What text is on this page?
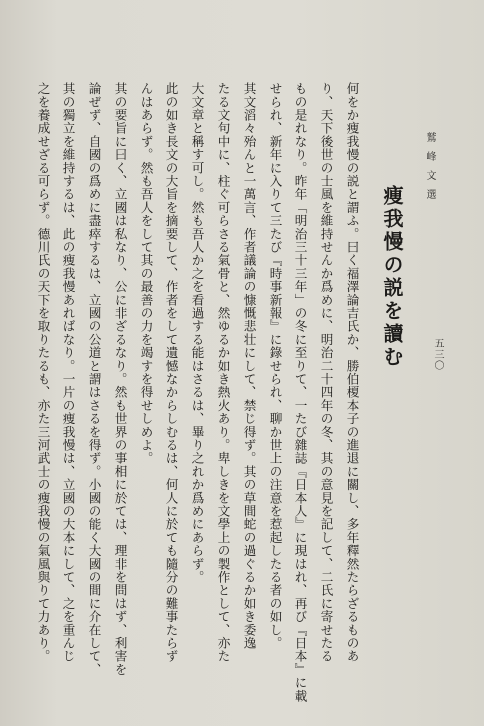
鷲峰文選
五三〇
痩我慢の説を讀む
何をか痩我慢の説と謂ふ。曰く福澤論吉氏か、勝伯榎本子の進退に關し、多年釋然たらざるものあ
り、天下後世の士風を維持せんか爲めに、明治二十四年の冬、其の意見を記して、二氏に寄せたる
もの是れなり。昨年「明治三十三年」の冬に至りて、一たび雜誌『日本人』に現はれ、再び『日本』に載
せられ、新年に入りて三たび『時事新報』に錄せられ、聊か世上の注意を惹起したる者の如し。
其文滔々殆んと一萬言、作者議論の慷慨悲壮にして、禁じ得ず。其の草間蛇の過ぐるか如き委逸
たる文句中に、柱ぐ可らさる氣骨と、然ゆるか如き熱火あり。卑しきを文學上の製作として、亦た
大文章と稱す可し。然も吾人か之を看過する能はさるは、畢り之れか爲めにあらず。
此の如き長文の大旨を摘要して、作者をして遺憾なからしむるは、何人に於ても隨分の難事たらず
んはあらず。然も吾人をして其の最善の力を竭すを得せしめよ。
其の要旨に曰く、立國は私なり、公に非ざるなり。然も世界の事相に於ては、理非を問はず、利害を
論ぜず、自國の爲めに盡瘁するは、立國の公道と謂はさるを得ず。小國の能く大國の間に介在して、
其の獨立を維持するは、此の痩我慢あればなり。一片の痩我慢は、立國の大本にして、之を重んじ
之を養成せざる可らず。德川氏の天下を取りたるも、亦た三河武士の痩我慢の氣風與りて力あり。
